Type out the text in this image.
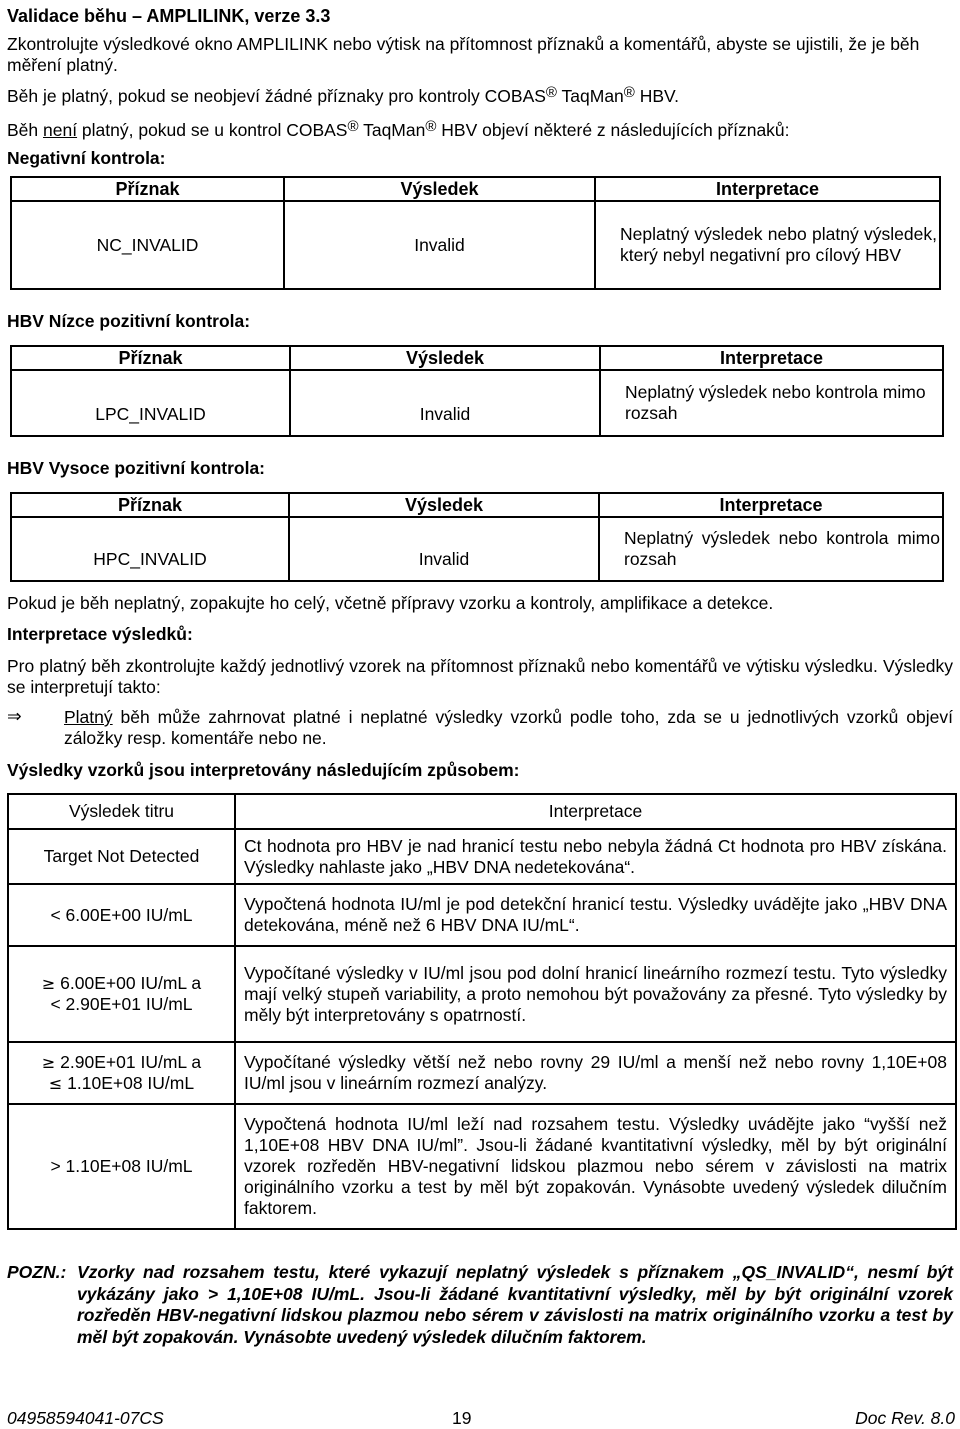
Validace běhu – AMPLILINK, verze 3.3
Zkontrolujte výsledkové okno AMPLILINK nebo výtisk na přítomnost příznaků a komentářů, abyste se ujistili, že je běh měření platný.
Běh je platný, pokud se neobjeví žádné příznaky pro kontroly COBAS® TaqMan® HBV.
Běh není platný, pokud se u kontrol COBAS® TaqMan® HBV objeví některé z následujících příznaků:
Negativní kontrola:
Příznak	Výsledek	Interpretace
NC_INVALID	Invalid	Neplatný výsledek nebo platný výsledek, který nebyl negativní pro cílový HBV
HBV Nízce pozitivní kontrola:
Příznak	Výsledek	Interpretace
LPC_INVALID	Invalid	Neplatný výsledek nebo kontrola mimo rozsah
HBV Vysoce pozitivní kontrola:
Příznak	Výsledek	Interpretace
HPC_INVALID	Invalid	Neplatný výsledek nebo kontrola mimo rozsah
Pokud je běh neplatný, zopakujte ho celý, včetně přípravy vzorku a kontroly, amplifikace a detekce.
Interpretace výsledků:
Pro platný běh zkontrolujte každý jednotlivý vzorek na přítomnost příznaků nebo komentářů ve výtisku výsledku. Výsledky se interpretují takto:
⇒ Platný běh může zahrnovat platné i neplatné výsledky vzorků podle toho, zda se u jednotlivých vzorků objeví záložky resp. komentáře nebo ne.
Výsledky vzorků jsou interpretovány následujícím způsobem:
Výsledek titru	Interpretace
Target Not Detected	Ct hodnota pro HBV je nad hranicí testu nebo nebyla žádná Ct hodnota pro HBV získána. Výsledky nahlaste jako „HBV DNA nedetekována“.
< 6.00E+00 IU/mL	Vypočtená hodnota IU/ml je pod detekční hranicí testu. Výsledky uvádějte jako „HBV DNA detekována, méně než 6 HBV DNA IU/mL“.

≥ 6.00E+00 IU/mL a
< 2.90E+01 IU/mL	Vypočítané výsledky v IU/ml jsou pod dolní hranicí lineárního rozmezí testu. Tyto výsledky mají velký stupeň variability, a proto nemohou být považovány za přesné. Tyto výsledky by měly být interpretovány s opatrností.

≥ 2.90E+01 IU/mL a
≤ 1.10E+08 IU/mL	Vypočítané výsledky větší než nebo rovny 29 IU/ml a menší než nebo rovny 1,10E+08 IU/ml jsou v lineárním rozmezí analýzy.
> 1.10E+08 IU/mL	Vypočtená hodnota IU/ml leží nad rozsahem testu. Výsledky uvádějte jako “vyšší než 1,10E+08 HBV DNA IU/ml”. Jsou-li žádané kvantitativní výsledky, měl by být originální vzorek rozředěn HBV-negativní lidskou plazmou nebo sérem v závislosti na matrix originálního vzorku a test by měl být zopakován. Vynásobte uvedený výsledek dilučním faktorem.
POZN.: Vzorky nad rozsahem testu, které vykazují neplatný výsledek s příznakem „QS_INVALID“, nesmí být vykázány jako > 1,10E+08 IU/mL. Jsou-li žádané kvantitativní výsledky, měl by být originální vzorek rozředěn HBV-negativní lidskou plazmou nebo sérem v závislosti na matrix originálního vzorku a test by měl být zopakován. Vynásobte uvedený výsledek dilučním faktorem.
04958594041-07CS	19	Doc Rev. 8.0
